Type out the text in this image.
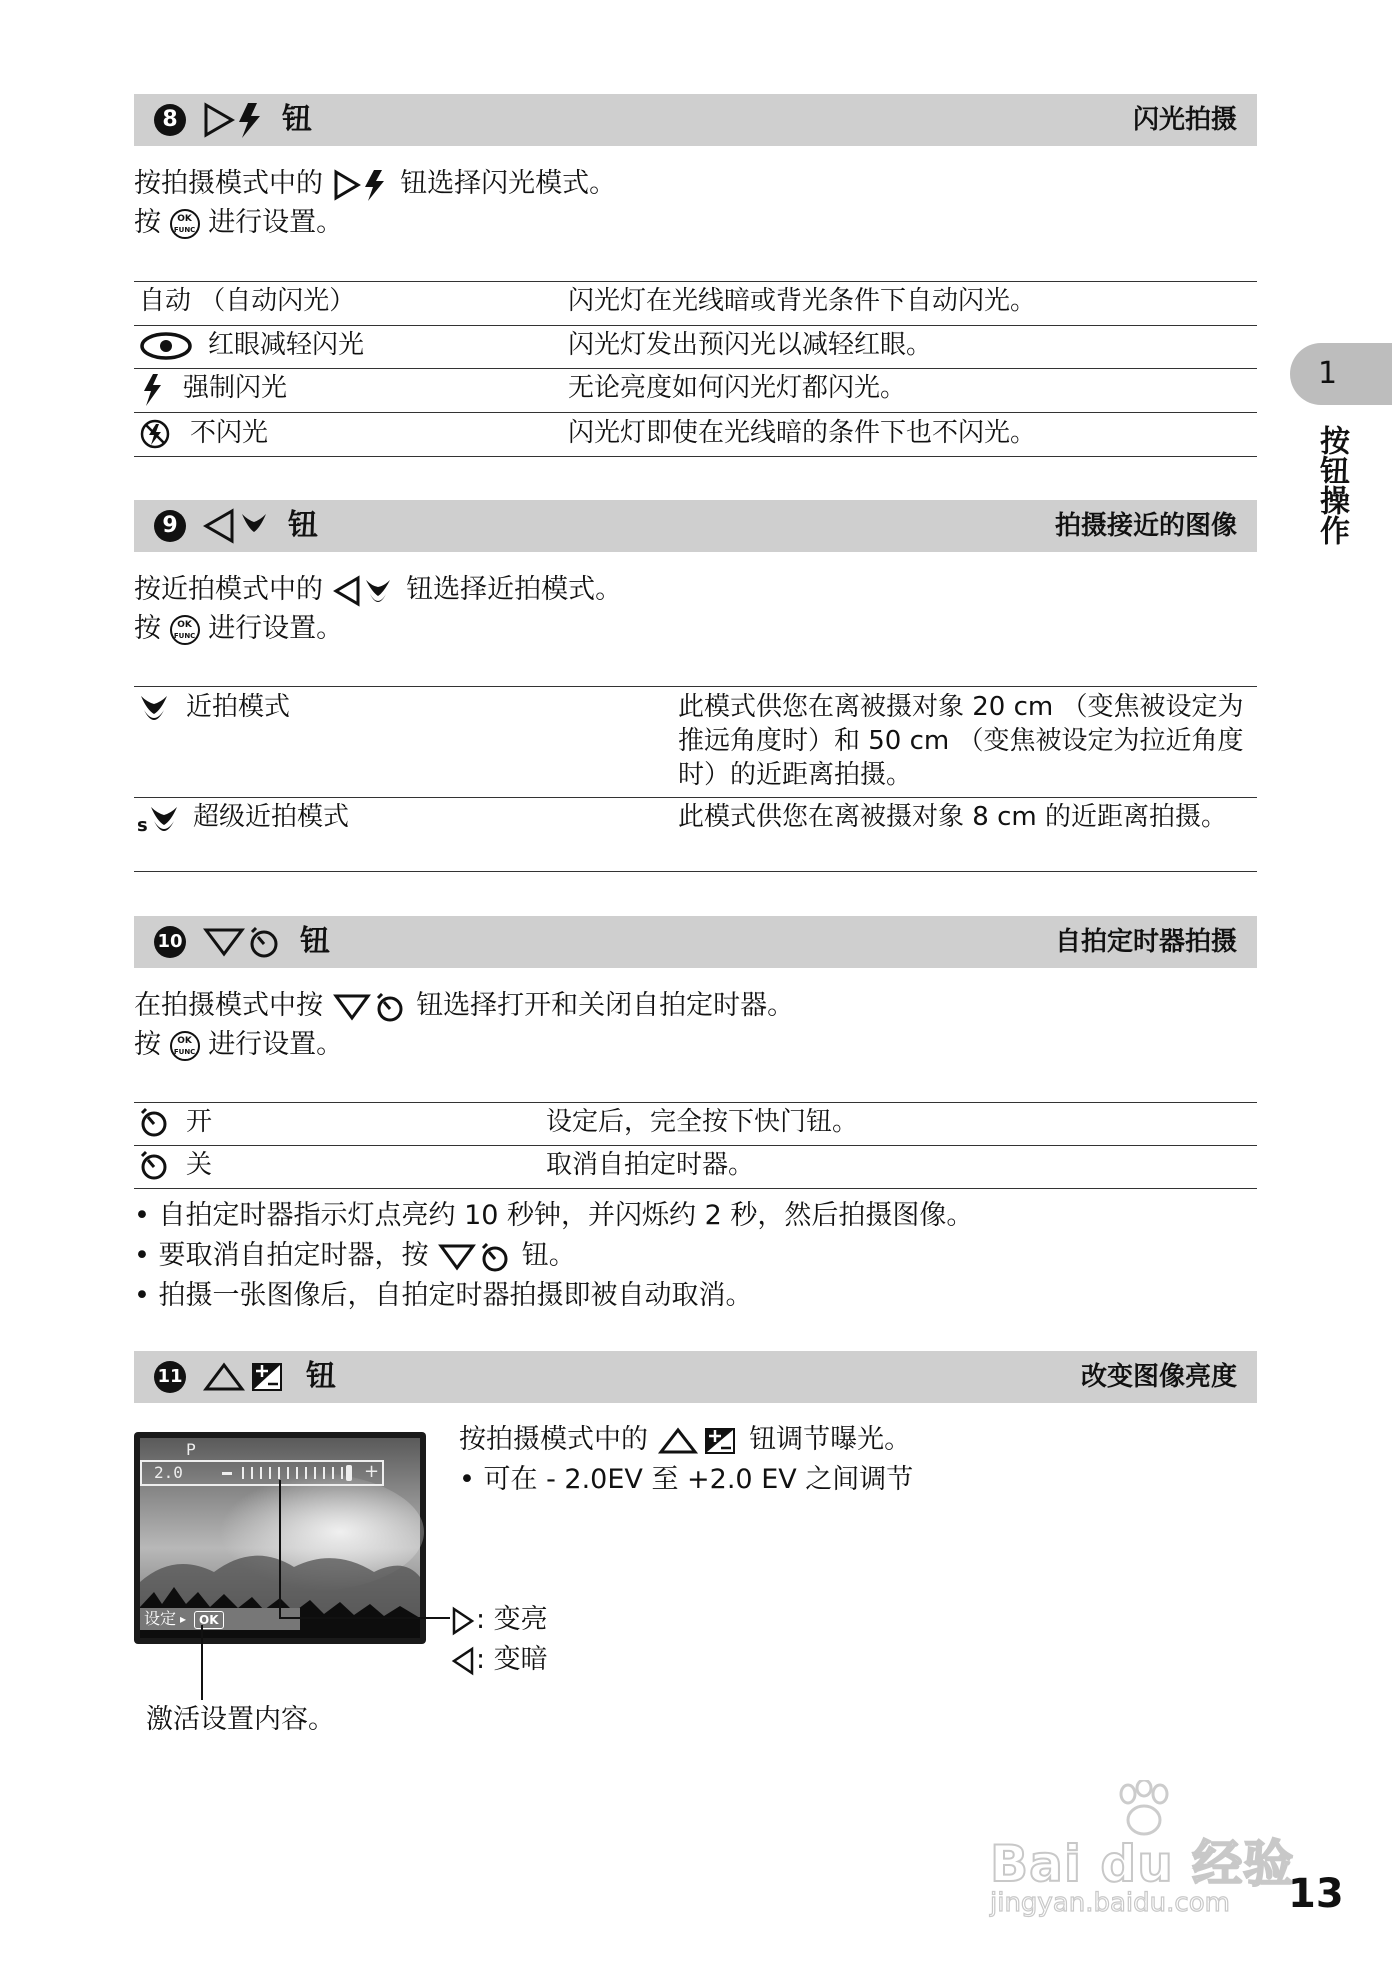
1
按钮操作
8	钮	闪光拍摄
按拍摄模式中的	钮选择闪光模式。
按 OK
FUNC 进行设置。
自动 （自动闪光）	闪光灯在光线暗或背光条件下自动闪光。
红眼减轻闪光	闪光灯发出预闪光以减轻红眼。
强制闪光	无论亮度如何闪光灯都闪光。
不闪光	闪光灯即使在光线暗的条件下也不闪光。
9	钮	拍摄接近的图像
按近拍模式中的	钮选择近拍模式。
按 OK
FUNC 进行设置。
近拍模式	此模式供您在离被摄对象 20 cm （变焦被设定为推远角度时）和 50 cm （变焦被设定为拉近角度时）的近距离拍摄。
s 超级近拍模式	此模式供您在离被摄对象 8 cm 的近距离拍摄。
10	钮	自拍定时器拍摄
在拍摄模式中按	钮选择打开和关闭自拍定时器。
按 OK
FUNC 进行设置。
开	设定后，完全按下快门钮。
关	取消自拍定时器。
• 自拍定时器指示灯点亮约 10 秒钟，并闪烁约 2 秒，然后拍摄图像。
• 要取消自拍定时器，按	钮。
• 拍摄一张图像后，自拍定时器拍摄即被自动取消。
11	钮	改变图像亮度
P
2.0	+
设定 ▸	OK
按拍摄模式中的	钮调节曝光。
• 可在 - 2.0EV 至 +2.0 EV 之间调节
: 变亮
: 变暗
激活设置内容。
Bai du 经验
jingyan.baidu.com 13
